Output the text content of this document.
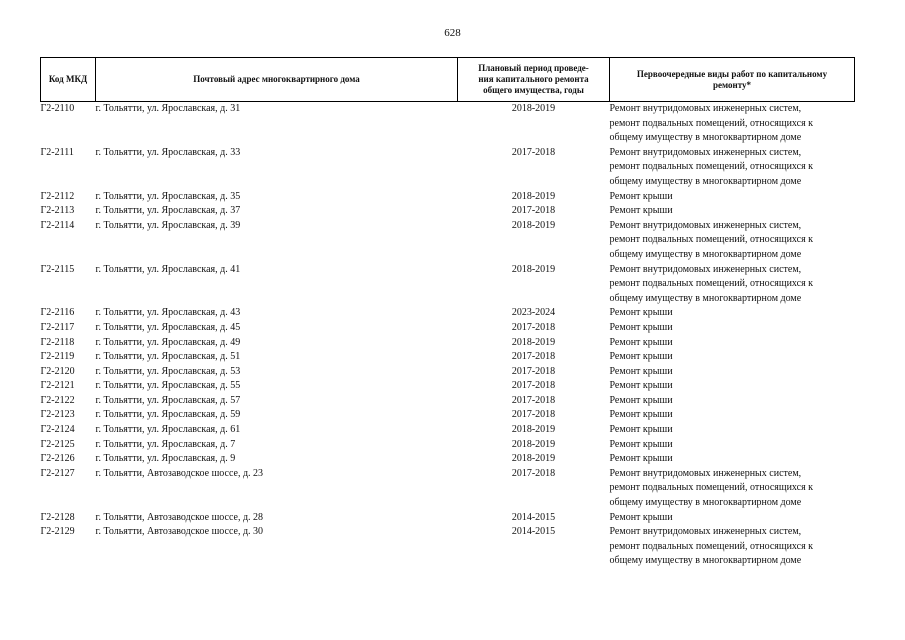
628
Код МКД	Почтовый адрес многоквартирного дома	Плановый период проведе-
ния капитального ремонта
общего имущества, годы	Первоочередные виды работ по капитальному
ремонту*

Г2-2110	г. Тольятти, ул. Ярославская, д. 31	2018-2019	Ремонт внутридомовых инженерных систем,
ремонт подвальных помещений, относящихся к
общему имуществу в многоквартирном доме

Г2-2111	г. Тольятти, ул. Ярославская, д. 33	2017-2018	Ремонт внутридомовых инженерных систем,
ремонт подвальных помещений, относящихся к
общему имуществу в многоквартирном доме

Г2-2112	г. Тольятти, ул. Ярославская, д. 35	2018-2019	Ремонт крыши

Г2-2113	г. Тольятти, ул. Ярославская, д. 37	2017-2018	Ремонт крыши

Г2-2114	г. Тольятти, ул. Ярославская, д. 39	2018-2019	Ремонт внутридомовых инженерных систем,
ремонт подвальных помещений, относящихся к
общему имуществу в многоквартирном доме

Г2-2115	г. Тольятти, ул. Ярославская, д. 41	2018-2019	Ремонт внутридомовых инженерных систем,
ремонт подвальных помещений, относящихся к
общему имуществу в многоквартирном доме

Г2-2116	г. Тольятти, ул. Ярославская, д. 43	2023-2024	Ремонт крыши

Г2-2117	г. Тольятти, ул. Ярославская, д. 45	2017-2018	Ремонт крыши

Г2-2118	г. Тольятти, ул. Ярославская, д. 49	2018-2019	Ремонт крыши

Г2-2119	г. Тольятти, ул. Ярославская, д. 51	2017-2018	Ремонт крыши

Г2-2120	г. Тольятти, ул. Ярославская, д. 53	2017-2018	Ремонт крыши

Г2-2121	г. Тольятти, ул. Ярославская, д. 55	2017-2018	Ремонт крыши

Г2-2122	г. Тольятти, ул. Ярославская, д. 57	2017-2018	Ремонт крыши

Г2-2123	г. Тольятти, ул. Ярославская, д. 59	2017-2018	Ремонт крыши

Г2-2124	г. Тольятти, ул. Ярославская, д. 61	2018-2019	Ремонт крыши

Г2-2125	г. Тольятти, ул. Ярославская, д. 7	2018-2019	Ремонт крыши

Г2-2126	г. Тольятти, ул. Ярославская, д. 9	2018-2019	Ремонт крыши

Г2-2127	г. Тольятти, Автозаводское шоссе, д. 23	2017-2018	Ремонт внутридомовых инженерных систем,
ремонт подвальных помещений, относящихся к
общему имуществу в многоквартирном доме

Г2-2128	г. Тольятти, Автозаводское шоссе, д. 28	2014-2015	Ремонт крыши

Г2-2129	г. Тольятти, Автозаводское шоссе, д. 30	2014-2015	Ремонт внутридомовых инженерных систем,
ремонт подвальных помещений, относящихся к
общему имуществу в многоквартирном доме
